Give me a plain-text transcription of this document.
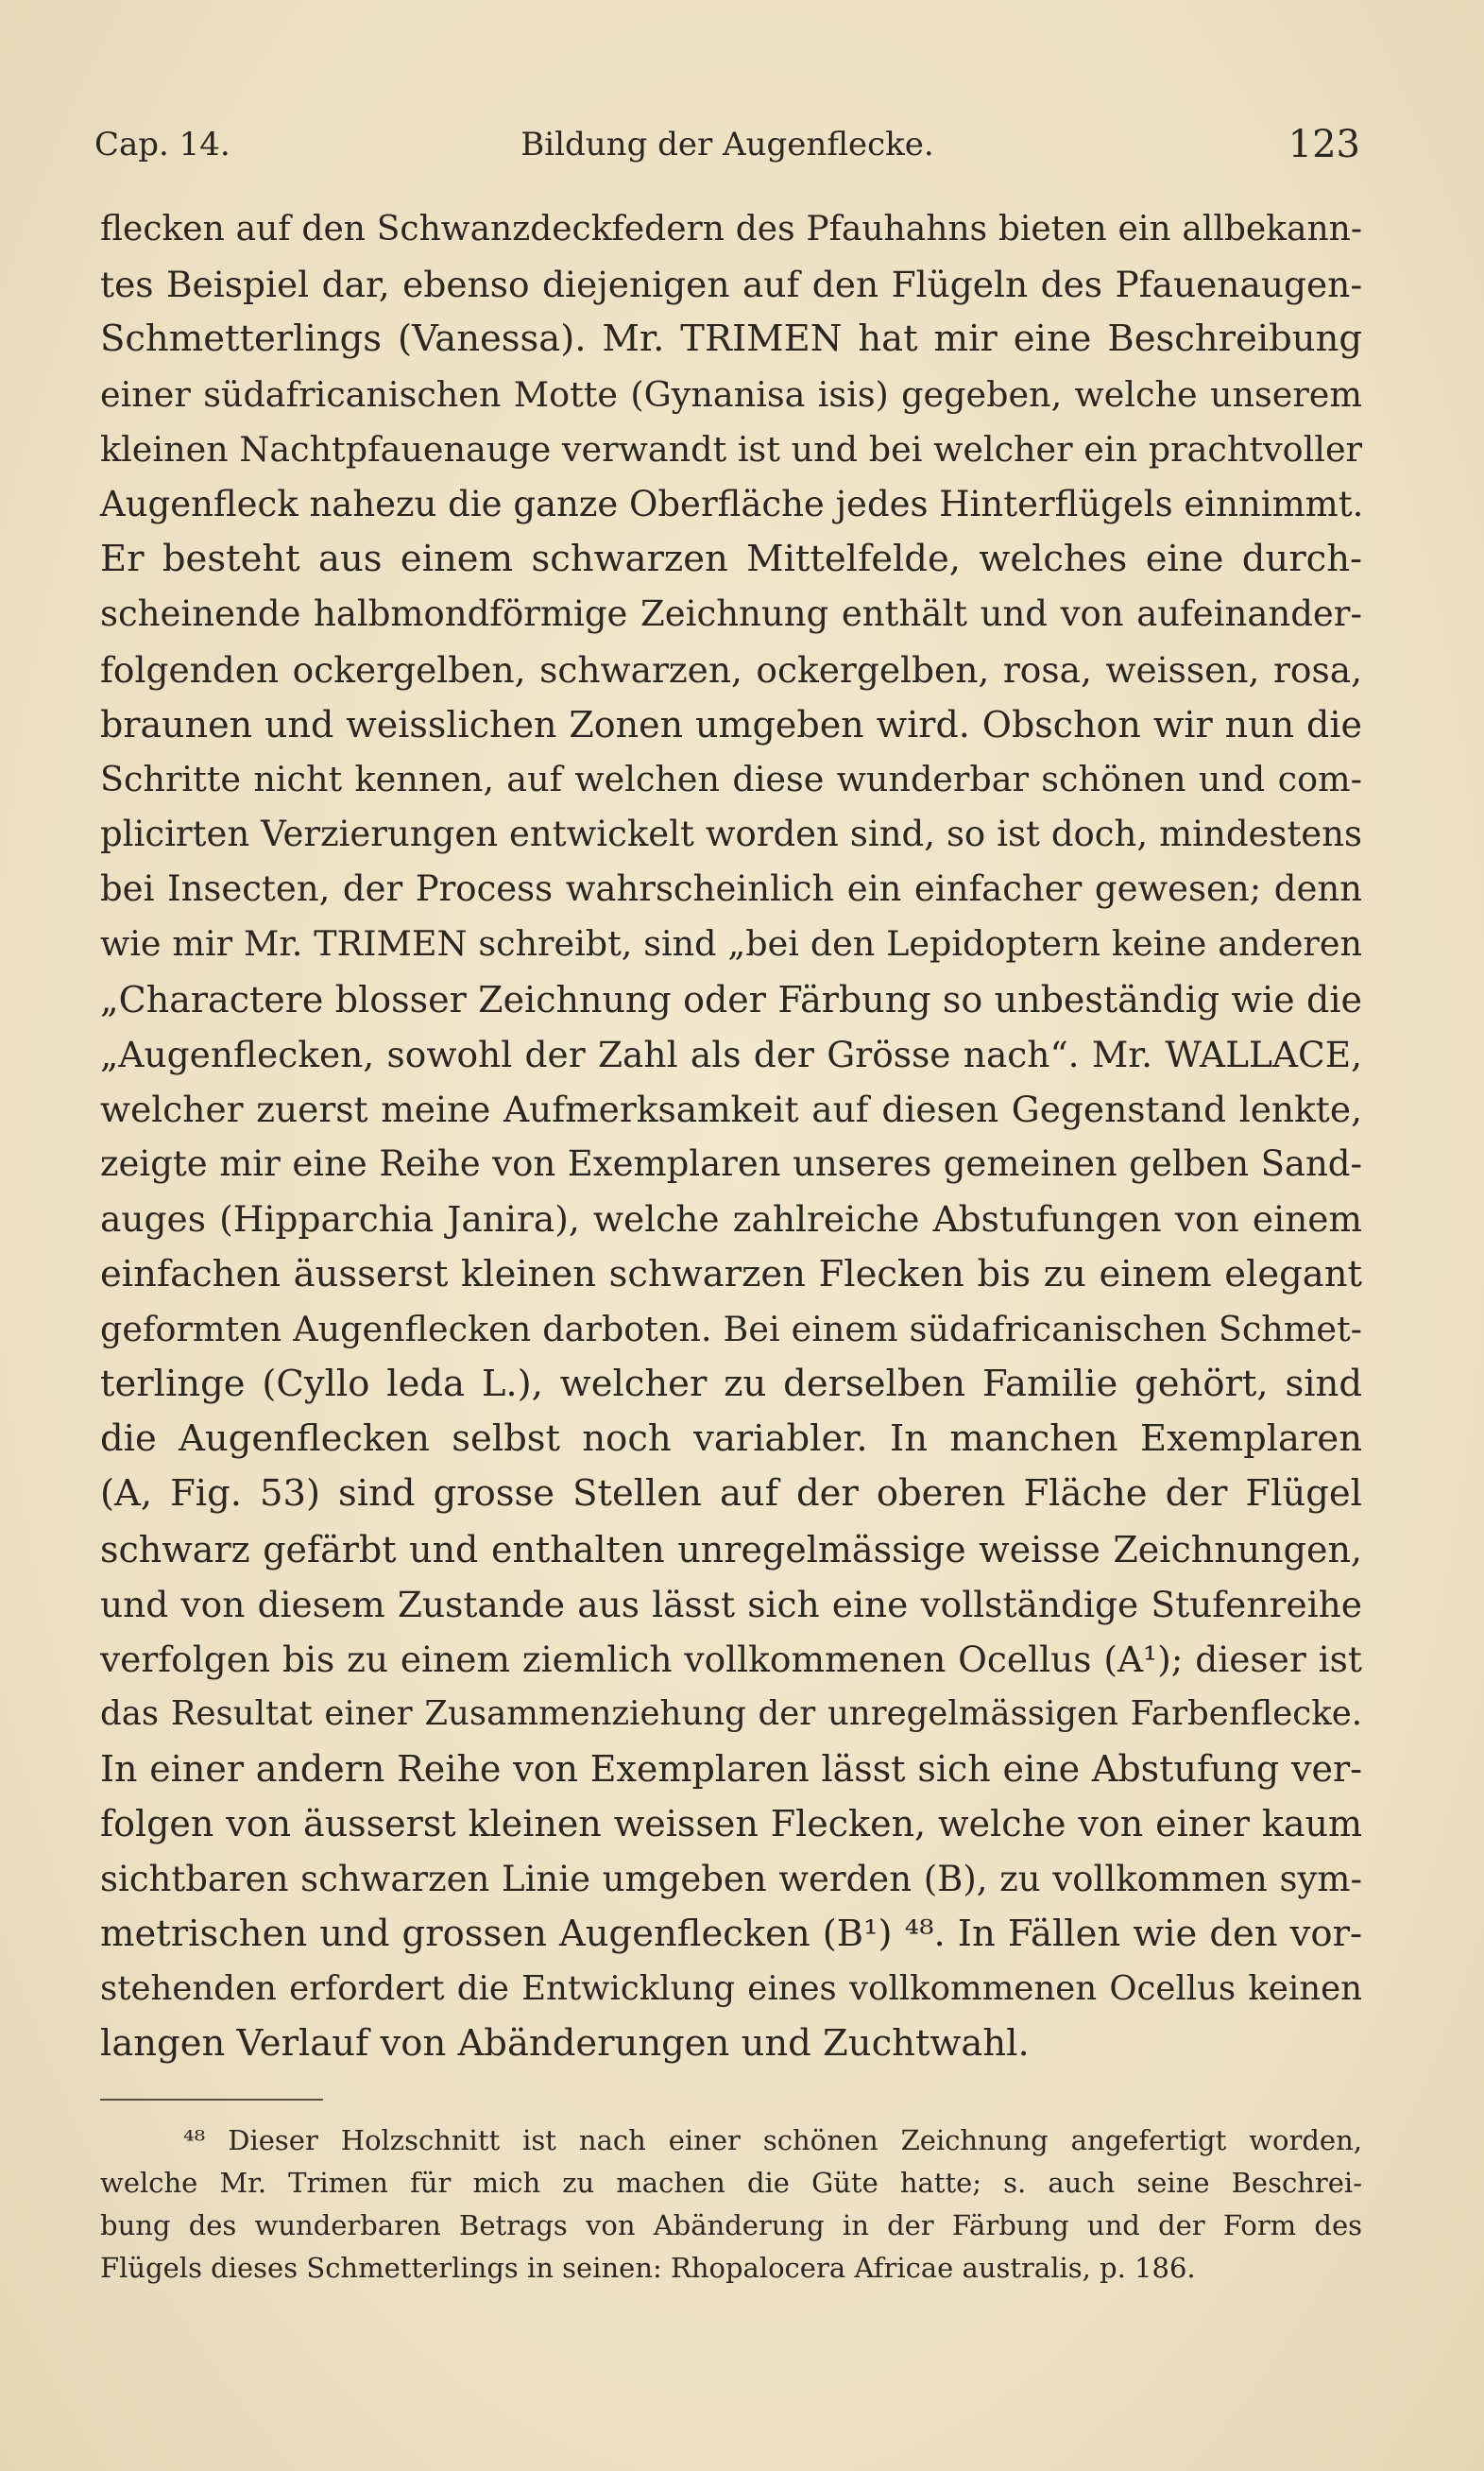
Cap. 14.	Bildung der Augenflecke.	123
flecken auf den Schwanzdeckfedern des Pfauhahns bieten ein allbekann-
tes Beispiel dar, ebenso diejenigen auf den Flügeln des Pfauenaugen-
Schmetterlings (Vanessa). Mr. TRIMEN hat mir eine Beschreibung
einer südafricanischen Motte (Gynanisa isis) gegeben, welche unserem
kleinen Nachtpfauenauge verwandt ist und bei welcher ein prachtvoller
Augenfleck nahezu die ganze Oberfläche jedes Hinterflügels einnimmt.
Er besteht aus einem schwarzen Mittelfelde, welches eine durch-
scheinende halbmondförmige Zeichnung enthält und von aufeinander-
folgenden ockergelben, schwarzen, ockergelben, rosa, weissen, rosa,
braunen und weisslichen Zonen umgeben wird. Obschon wir nun die
Schritte nicht kennen, auf welchen diese wunderbar schönen und com-
plicirten Verzierungen entwickelt worden sind, so ist doch, mindestens
bei Insecten, der Process wahrscheinlich ein einfacher gewesen; denn
wie mir Mr. TRIMEN schreibt, sind „bei den Lepidoptern keine anderen
„Charactere blosser Zeichnung oder Färbung so unbeständig wie die
„Augenflecken, sowohl der Zahl als der Grösse nach“. Mr. WALLACE,
welcher zuerst meine Aufmerksamkeit auf diesen Gegenstand lenkte,
zeigte mir eine Reihe von Exemplaren unseres gemeinen gelben Sand-
auges (Hipparchia Janira), welche zahlreiche Abstufungen von einem
einfachen äusserst kleinen schwarzen Flecken bis zu einem elegant
geformten Augenflecken darboten. Bei einem südafricanischen Schmet-
terlinge (Cyllo leda L.), welcher zu derselben Familie gehört, sind
die Augenflecken selbst noch variabler. In manchen Exemplaren
(A, Fig. 53) sind grosse Stellen auf der oberen Fläche der Flügel
schwarz gefärbt und enthalten unregelmässige weisse Zeichnungen,
und von diesem Zustande aus lässt sich eine vollständige Stufenreihe
verfolgen bis zu einem ziemlich vollkommenen Ocellus (A¹); dieser ist
das Resultat einer Zusammenziehung der unregelmässigen Farbenflecke.
In einer andern Reihe von Exemplaren lässt sich eine Abstufung ver-
folgen von äusserst kleinen weissen Flecken, welche von einer kaum
sichtbaren schwarzen Linie umgeben werden (B), zu vollkommen sym-
metrischen und grossen Augenflecken (B¹) ⁴⁸. In Fällen wie den vor-
stehenden erfordert die Entwicklung eines vollkommenen Ocellus keinen
langen Verlauf von Abänderungen und Zuchtwahl.
⁴⁸ Dieser Holzschnitt ist nach einer schönen Zeichnung angefertigt worden,
welche Mr. Trimen für mich zu machen die Güte hatte; s. auch seine Beschrei-
bung des wunderbaren Betrags von Abänderung in der Färbung und der Form des
Flügels dieses Schmetterlings in seinen: Rhopalocera Africae australis, p. 186.
